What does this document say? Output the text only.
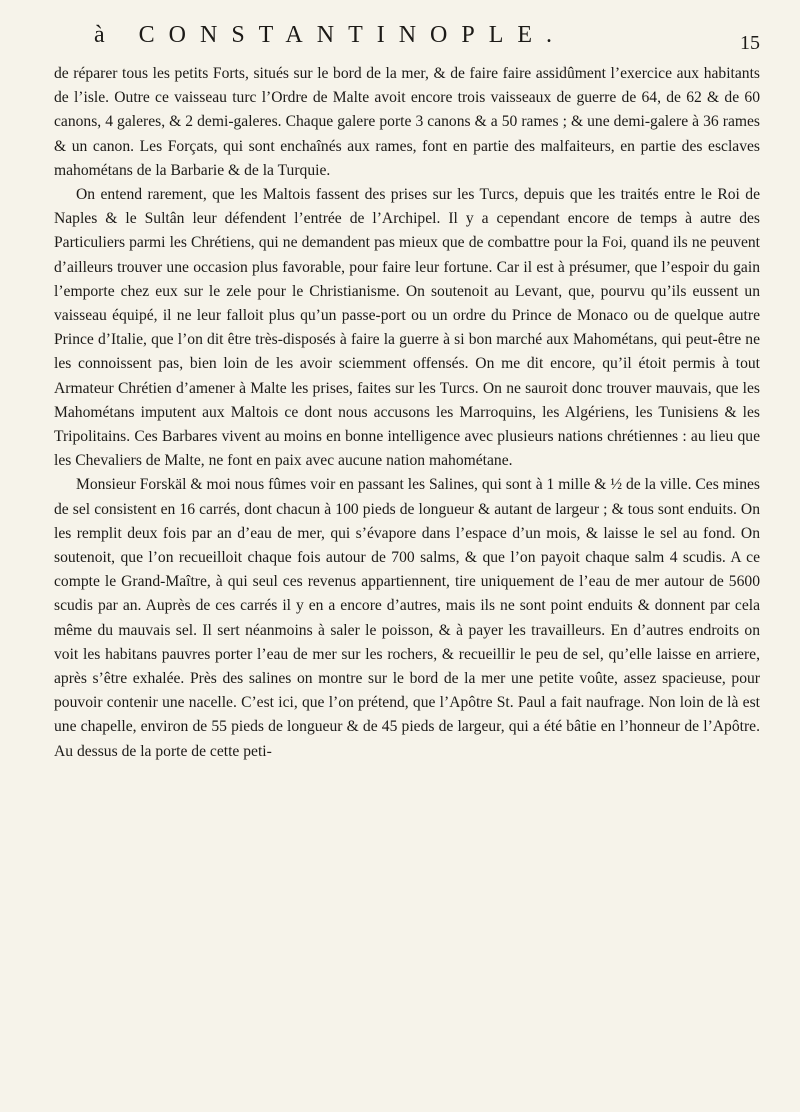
à CONSTANTINOPLE.	15

de réparer tous les petits Forts, situés sur le bord de la mer, & de faire faire assidûment l’exercice aux habitants de l’isle. Outre ce vaisseau turc l’Ordre de Malte avoit encore trois vaisseaux de guerre de 64, de 62 & de 60 canons, 4 galeres, & 2 demi-galeres. Chaque galere porte 3 canons & a 50 rames ; & une demi-galere à 36 rames & un canon. Les Forçats, qui sont enchaînés aux rames, font en partie des malfaiteurs, en partie des esclaves mahométans de la Barbarie & de la Turquie.

On entend rarement, que les Maltois fassent des prises sur les Turcs, depuis que les traités entre le Roi de Naples & le Sultân leur défendent l’entrée de l’Archipel. Il y a cependant encore de temps à autre des Particuliers parmi les Chrétiens, qui ne demandent pas mieux que de combattre pour la Foi, quand ils ne peuvent d’ailleurs trouver une occasion plus favorable, pour faire leur fortune. Car il est à présumer, que l’espoir du gain l’emporte chez eux sur le zele pour le Christianisme. On soutenoit au Levant, que, pourvu qu’ils eussent un vaisseau équipé, il ne leur falloit plus qu’un passe-port ou un ordre du Prince de Monaco ou de quelque autre Prince d’Italie, que l’on dit être très-disposés à faire la guerre à si bon marché aux Mahométans, qui peut-être ne les connoissent pas, bien loin de les avoir sciemment offensés. On me dit encore, qu’il étoit permis à tout Armateur Chrétien d’amener à Malte les prises, faites sur les Turcs. On ne sauroit donc trouver mauvais, que les Mahométans imputent aux Maltois ce dont nous accusons les Marroquins, les Algériens, les Tunisiens & les Tripolitains. Ces Barbares vivent au moins en bonne intelligence avec plusieurs nations chrétiennes : au lieu que les Chevaliers de Malte, ne font en paix avec aucune nation mahométane.

Monsieur Forskäl & moi nous fûmes voir en passant les Salines, qui sont à 1 mille & ½ de la ville. Ces mines de sel consistent en 16 carrés, dont chacun à 100 pieds de longueur & autant de largeur ; & tous sont enduits. On les remplit deux fois par an d’eau de mer, qui s’évapore dans l’espace d’un mois, & laisse le sel au fond. On soutenoit, que l’on recueilloit chaque fois autour de 700 salms, & que l’on payoit chaque salm 4 scudis. A ce compte le Grand-Maître, à qui seul ces revenus appartiennent, tire uniquement de l’eau de mer autour de 5600 scudis par an. Auprès de ces carrés il y en a encore d’autres, mais ils ne sont point enduits & donnent par cela même du mauvais sel. Il sert néanmoins à saler le poisson, & à payer les travailleurs. En d’autres endroits on voit les habitans pauvres porter l’eau de mer sur les rochers, & recueillir le peu de sel, qu’elle laisse en arriere, après s’être exhalée. Près des salines on montre sur le bord de la mer une petite voûte, assez spacieuse, pour pouvoir contenir une nacelle. C’est ici, que l’on prétend, que l’Apôtre St. Paul a fait naufrage. Non loin de là est une chapelle, environ de 55 pieds de longueur & de 45 pieds de largeur, qui a été bâtie en l’honneur de l’Apôtre. Au dessus de la porte de cette peti-
